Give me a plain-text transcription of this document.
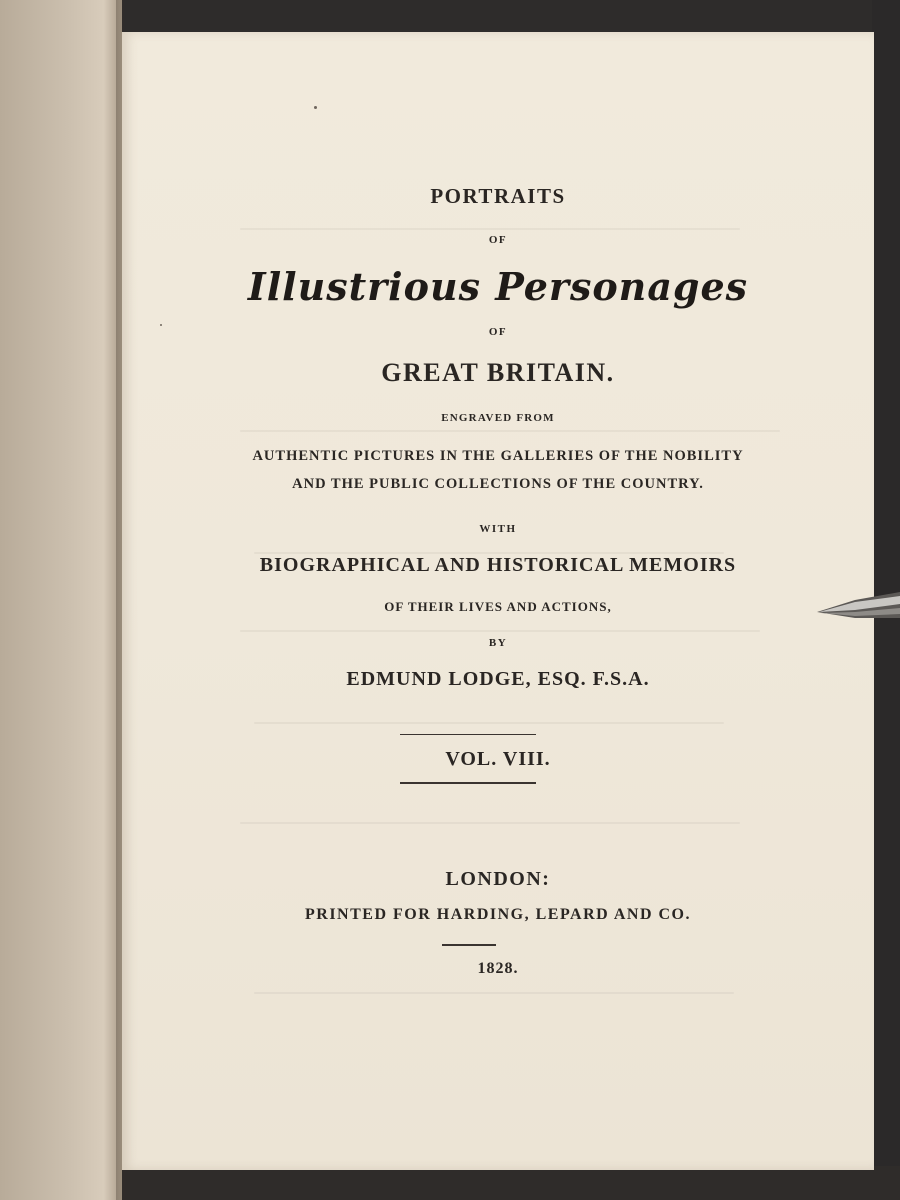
PORTRAITS
OF
Illustrious Personages
OF
GREAT BRITAIN.
ENGRAVED FROM
AUTHENTIC PICTURES IN THE GALLERIES OF THE NOBILITY
AND THE PUBLIC COLLECTIONS OF THE COUNTRY.
WITH
BIOGRAPHICAL AND HISTORICAL MEMOIRS
OF THEIR LIVES AND ACTIONS,
BY
EDMUND LODGE, ESQ. F.S.A.
VOL. VIII.
LONDON:
PRINTED FOR HARDING, LEPARD AND CO.
1828.
